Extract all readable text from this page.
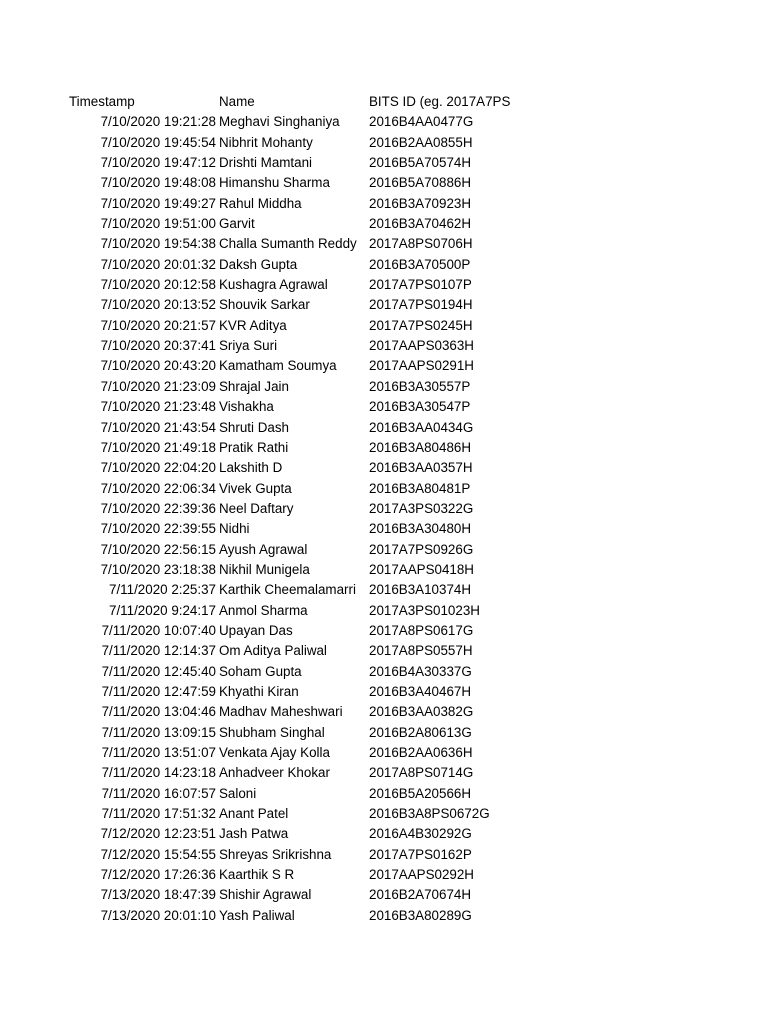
Timestamp	Name	BITS ID (eg. 2017A7PS
7/10/2020 19:21:28 Meghavi Singhaniya 2016B4AA0477G
7/10/2020 19:45:54 Nibhrit Mohanty	2016B2AA0855H
7/10/2020 19:47:12 Drishti Mamtani	2016B5A70574H
7/10/2020 19:48:08 Himanshu Sharma	2016B5A70886H
7/10/2020 19:49:27 Rahul Middha	2016B3A70923H
7/10/2020 19:51:00 Garvit	2016B3A70462H
7/10/2020 19:54:38 Challa Sumanth Reddy 2017A8PS0706H
7/10/2020 20:01:32 Daksh Gupta	2016B3A70500P
7/10/2020 20:12:58 Kushagra Agrawal	2017A7PS0107P
7/10/2020 20:13:52 Shouvik Sarkar	2017A7PS0194H
7/10/2020 20:21:57 KVR Aditya	2017A7PS0245H
7/10/2020 20:37:41 Sriya Suri	2017AAPS0363H
7/10/2020 20:43:20 Kamatham Soumya 2017AAPS0291H
7/10/2020 21:23:09 Shrajal Jain	2016B3A30557P
7/10/2020 21:23:48 Vishakha	2016B3A30547P
7/10/2020 21:43:54 Shruti Dash	2016B3AA0434G
7/10/2020 21:49:18 Pratik Rathi	2016B3A80486H
7/10/2020 22:04:20 Lakshith D	2016B3AA0357H
7/10/2020 22:06:34 Vivek Gupta	2016B3A80481P
7/10/2020 22:39:36 Neel Daftary	2017A3PS0322G
7/10/2020 22:39:55 Nidhi	2016B3A30480H
7/10/2020 22:56:15 Ayush Agrawal	2017A7PS0926G
7/10/2020 23:18:38 Nikhil Munigela	2017AAPS0418H
7/11/2020 2:25:37 Karthik Cheemalamarri 2016B3A10374H
7/11/2020 9:24:17 Anmol Sharma	2017A3PS01023H
7/11/2020 10:07:40 Upayan Das	2017A8PS0617G
7/11/2020 12:14:37 Om Aditya Paliwal	2017A8PS0557H
7/11/2020 12:45:40 Soham Gupta	2016B4A30337G
7/11/2020 12:47:59 Khyathi Kiran	2016B3A40467H
7/11/2020 13:04:46 Madhav Maheshwari 2016B3AA0382G
7/11/2020 13:09:15 Shubham Singhal	2016B2A80613G
7/11/2020 13:51:07 Venkata Ajay Kolla	2016B2AA0636H
7/11/2020 14:23:18 Anhadveer Khokar	2017A8PS0714G
7/11/2020 16:07:57 Saloni	2016B5A20566H
7/11/2020 17:51:32 Anant Patel	2016B3A8PS0672G
7/12/2020 12:23:51 Jash Patwa	2016A4B30292G
7/12/2020 15:54:55 Shreyas Srikrishna	2017A7PS0162P
7/12/2020 17:26:36 Kaarthik S R	2017AAPS0292H
7/13/2020 18:47:39 Shishir Agrawal	2016B2A70674H
7/13/2020 20:01:10 Yash Paliwal	2016B3A80289G
